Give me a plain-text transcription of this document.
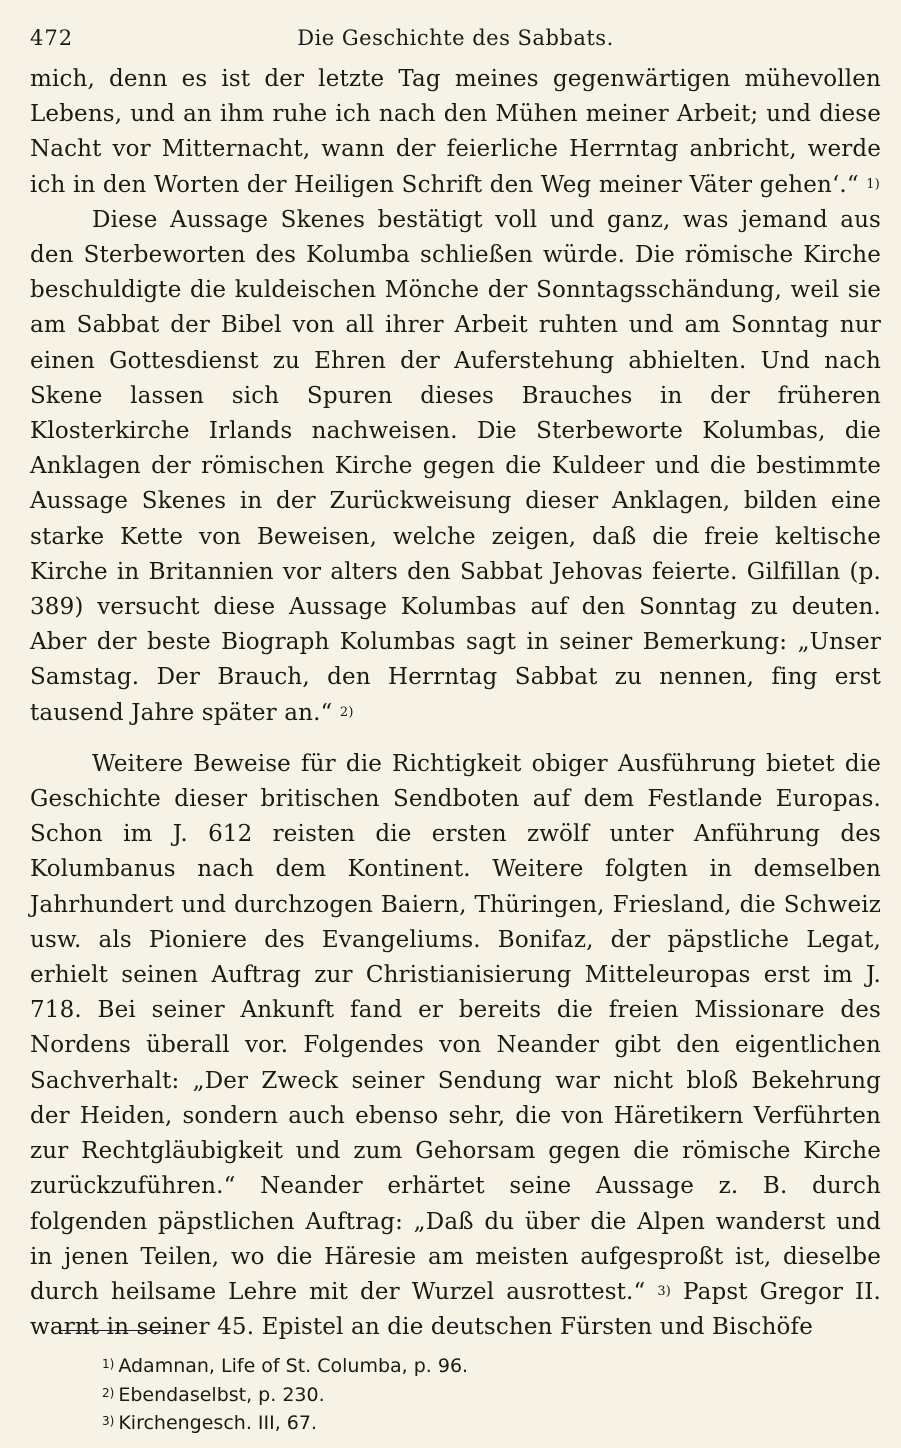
472	Die Geschichte des Sabbats.

mich, denn es ist der letzte Tag meines gegenwärtigen mühevollen Lebens, und an ihm ruhe ich nach den Mühen meiner Arbeit; und diese Nacht vor Mitternacht, wann der feierliche Herrntag anbricht, werde ich in den Worten der Heiligen Schrift den Weg meiner Väter gehen‘.“ $^{1)}$

Diese Aussage Skenes bestätigt voll und ganz, was jemand aus den Sterbeworten des Kolumba schließen würde. Die römische Kirche beschuldigte die kuldeischen Mönche der Sonntagsschändung, weil sie am Sabbat der Bibel von all ihrer Arbeit ruhten und am Sonntag nur einen Gottesdienst zu Ehren der Auferstehung abhielten. Und nach Skene lassen sich Spuren dieses Brauches in der früheren Klosterkirche Irlands nachweisen. Die Sterbeworte Kolumbas, die Anklagen der römischen Kirche gegen die Kuldeer und die bestimmte Aussage Skenes in der Zurückweisung dieser Anklagen, bilden eine starke Kette von Beweisen, welche zeigen, daß die freie keltische Kirche in Britannien vor alters den Sabbat Jehovas feierte. Gilfillan (p. 389) versucht diese Aussage Kolumbas auf den Sonntag zu deuten. Aber der beste Biograph Kolumbas sagt in seiner Bemerkung: „Unser Samstag. Der Brauch, den Herrntag Sabbat zu nennen, fing erst tausend Jahre später an.“ $^{2)}$

Weitere Beweise für die Richtigkeit obiger Ausführung bietet die Geschichte dieser britischen Sendboten auf dem Festlande Europas. Schon im J. 612 reisten die ersten zwölf unter Anführung des Kolumbanus nach dem Kontinent. Weitere folgten in demselben Jahrhundert und durchzogen Baiern, Thüringen, Friesland, die Schweiz usw. als Pioniere des Evangeliums. Bonifaz, der päpstliche Legat, erhielt seinen Auftrag zur Christianisierung Mitteleuropas erst im J. 718. Bei seiner Ankunft fand er bereits die freien Missionare des Nordens überall vor. Folgendes von Neander gibt den eigentlichen Sachverhalt: „Der Zweck seiner Sendung war nicht bloß Bekehrung der Heiden, sondern auch ebenso sehr, die von Häretikern Verführten zur Rechtgläubigkeit und zum Gehorsam gegen die römische Kirche zurückzuführen.“ Neander erhärtet seine Aussage z. B. durch folgenden päpstlichen Auftrag: „Daß du über die Alpen wanderst und in jenen Teilen, wo die Häresie am meisten aufgesproßt ist, dieselbe durch heilsame Lehre mit der Wurzel ausrottest.“ $^{3)}$ Papst Gregor II. warnt in seiner 45. Epistel an die deutschen Fürsten und Bischöfe

$^{1)}$ Adamnan, Life of St. Columba, p. 96.
$^{2)}$ Ebendaselbst, p. 230.
$^{3)}$ Kirchengesch. III, 67.
